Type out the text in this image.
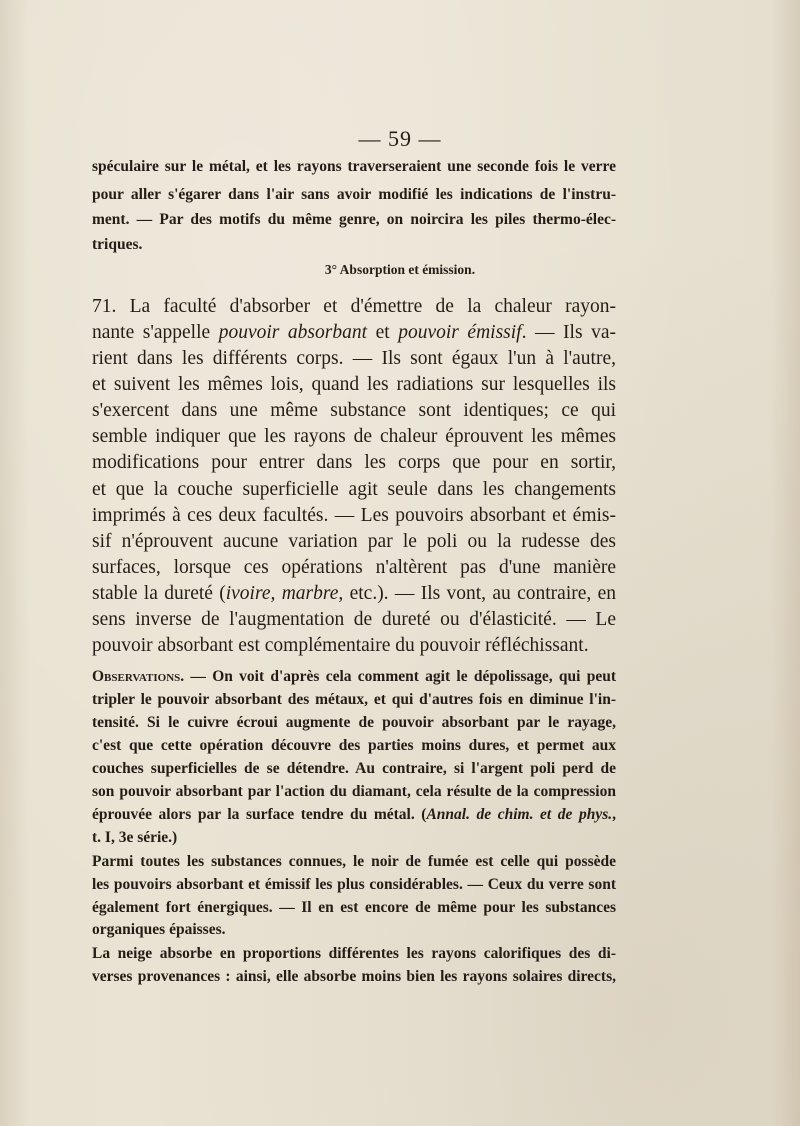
— 59 —
spéculaire sur le métal, et les rayons traverseraient une seconde fois le verre
pour aller s'égarer dans l'air sans avoir modifié les indications de l'instru-
ment. — Par des motifs du même genre, on noircira les piles thermo-élec-
triques.
3° Absorption et émission.
71. La faculté d'absorber et d'émettre de la chaleur rayon-
nante s'appelle pouvoir absorbant et pouvoir émissif. — Ils va-
rient dans les différents corps. — Ils sont égaux l'un à l'autre,
et suivent les mêmes lois, quand les radiations sur lesquelles ils
s'exercent dans une même substance sont identiques; ce qui
semble indiquer que les rayons de chaleur éprouvent les mêmes
modifications pour entrer dans les corps que pour en sortir,
et que la couche superficielle agit seule dans les changements
imprimés à ces deux facultés. — Les pouvoirs absorbant et émis-
sif n'éprouvent aucune variation par le poli ou la rudesse des
surfaces, lorsque ces opérations n'altèrent pas d'une manière
stable la dureté (ivoire, marbre, etc.). — Ils vont, au contraire, en
sens inverse de l'augmentation de dureté ou d'élasticité. — Le
pouvoir absorbant est complémentaire du pouvoir réfléchissant.
Observations. — On voit d'après cela comment agit le dépolissage, qui peut
tripler le pouvoir absorbant des métaux, et qui d'autres fois en diminue l'in-
tensité. Si le cuivre écroui augmente de pouvoir absorbant par le rayage,
c'est que cette opération découvre des parties moins dures, et permet aux
couches superficielles de se détendre. Au contraire, si l'argent poli perd de
son pouvoir absorbant par l'action du diamant, cela résulte de la compression
éprouvée alors par la surface tendre du métal. (Annal. de chim. et de phys.,
t. I, 3e série.)
Parmi toutes les substances connues, le noir de fumée est celle qui possède
les pouvoirs absorbant et émissif les plus considérables. — Ceux du verre sont
également fort énergiques. — Il en est encore de même pour les substances
organiques épaisses.
La neige absorbe en proportions différentes les rayons calorifiques des di-
verses provenances : ainsi, elle absorbe moins bien les rayons solaires directs,
